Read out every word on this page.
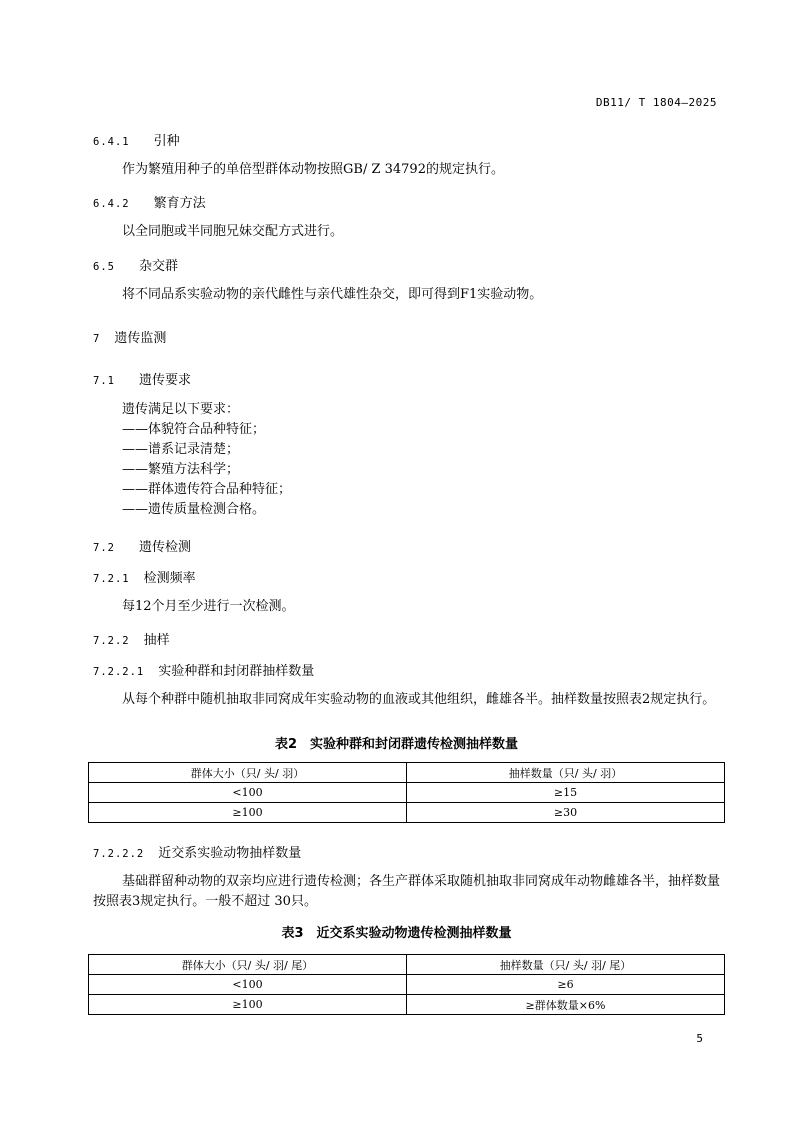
DB11/ T 1804—2025
6.4.1 引种
作为繁殖用种子的单倍型群体动物按照GB/ Z 34792的规定执行。
6.4.2 繁育方法
以全同胞或半同胞兄妹交配方式进行。
6.5 杂交群
将不同品系实验动物的亲代雌性与亲代雄性杂交，即可得到F1实验动物。
7 遗传监测
7.1 遗传要求
遗传满足以下要求：
——体貌符合品种特征；
——谱系记录清楚；
——繁殖方法科学；
——群体遗传符合品种特征；
——遗传质量检测合格。
7.2 遗传检测
7.2.1 检测频率
每12个月至少进行一次检测。
7.2.2 抽样
7.2.2.1 实验种群和封闭群抽样数量
从每个种群中随机抽取非同窝成年实验动物的血液或其他组织，雌雄各半。抽样数量按照表2规定执行。
表2　实验种群和封闭群遗传检测抽样数量
群体大小（只/ 头/ 羽）	抽样数量（只/ 头/ 羽）
<100	≥15
≥100	≥30
7.2.2.2 近交系实验动物抽样数量
基础群留种动物的双亲均应进行遗传检测；各生产群体采取随机抽取非同窝成年动物雌雄各半，抽样数量按照表3规定执行。一般不超过 30只。
表3　近交系实验动物遗传检测抽样数量
群体大小（只/ 头/ 羽/ 尾）	抽样数量（只/ 头/ 羽/ 尾）
<100	≥6
≥100	≥群体数量×6%
5
